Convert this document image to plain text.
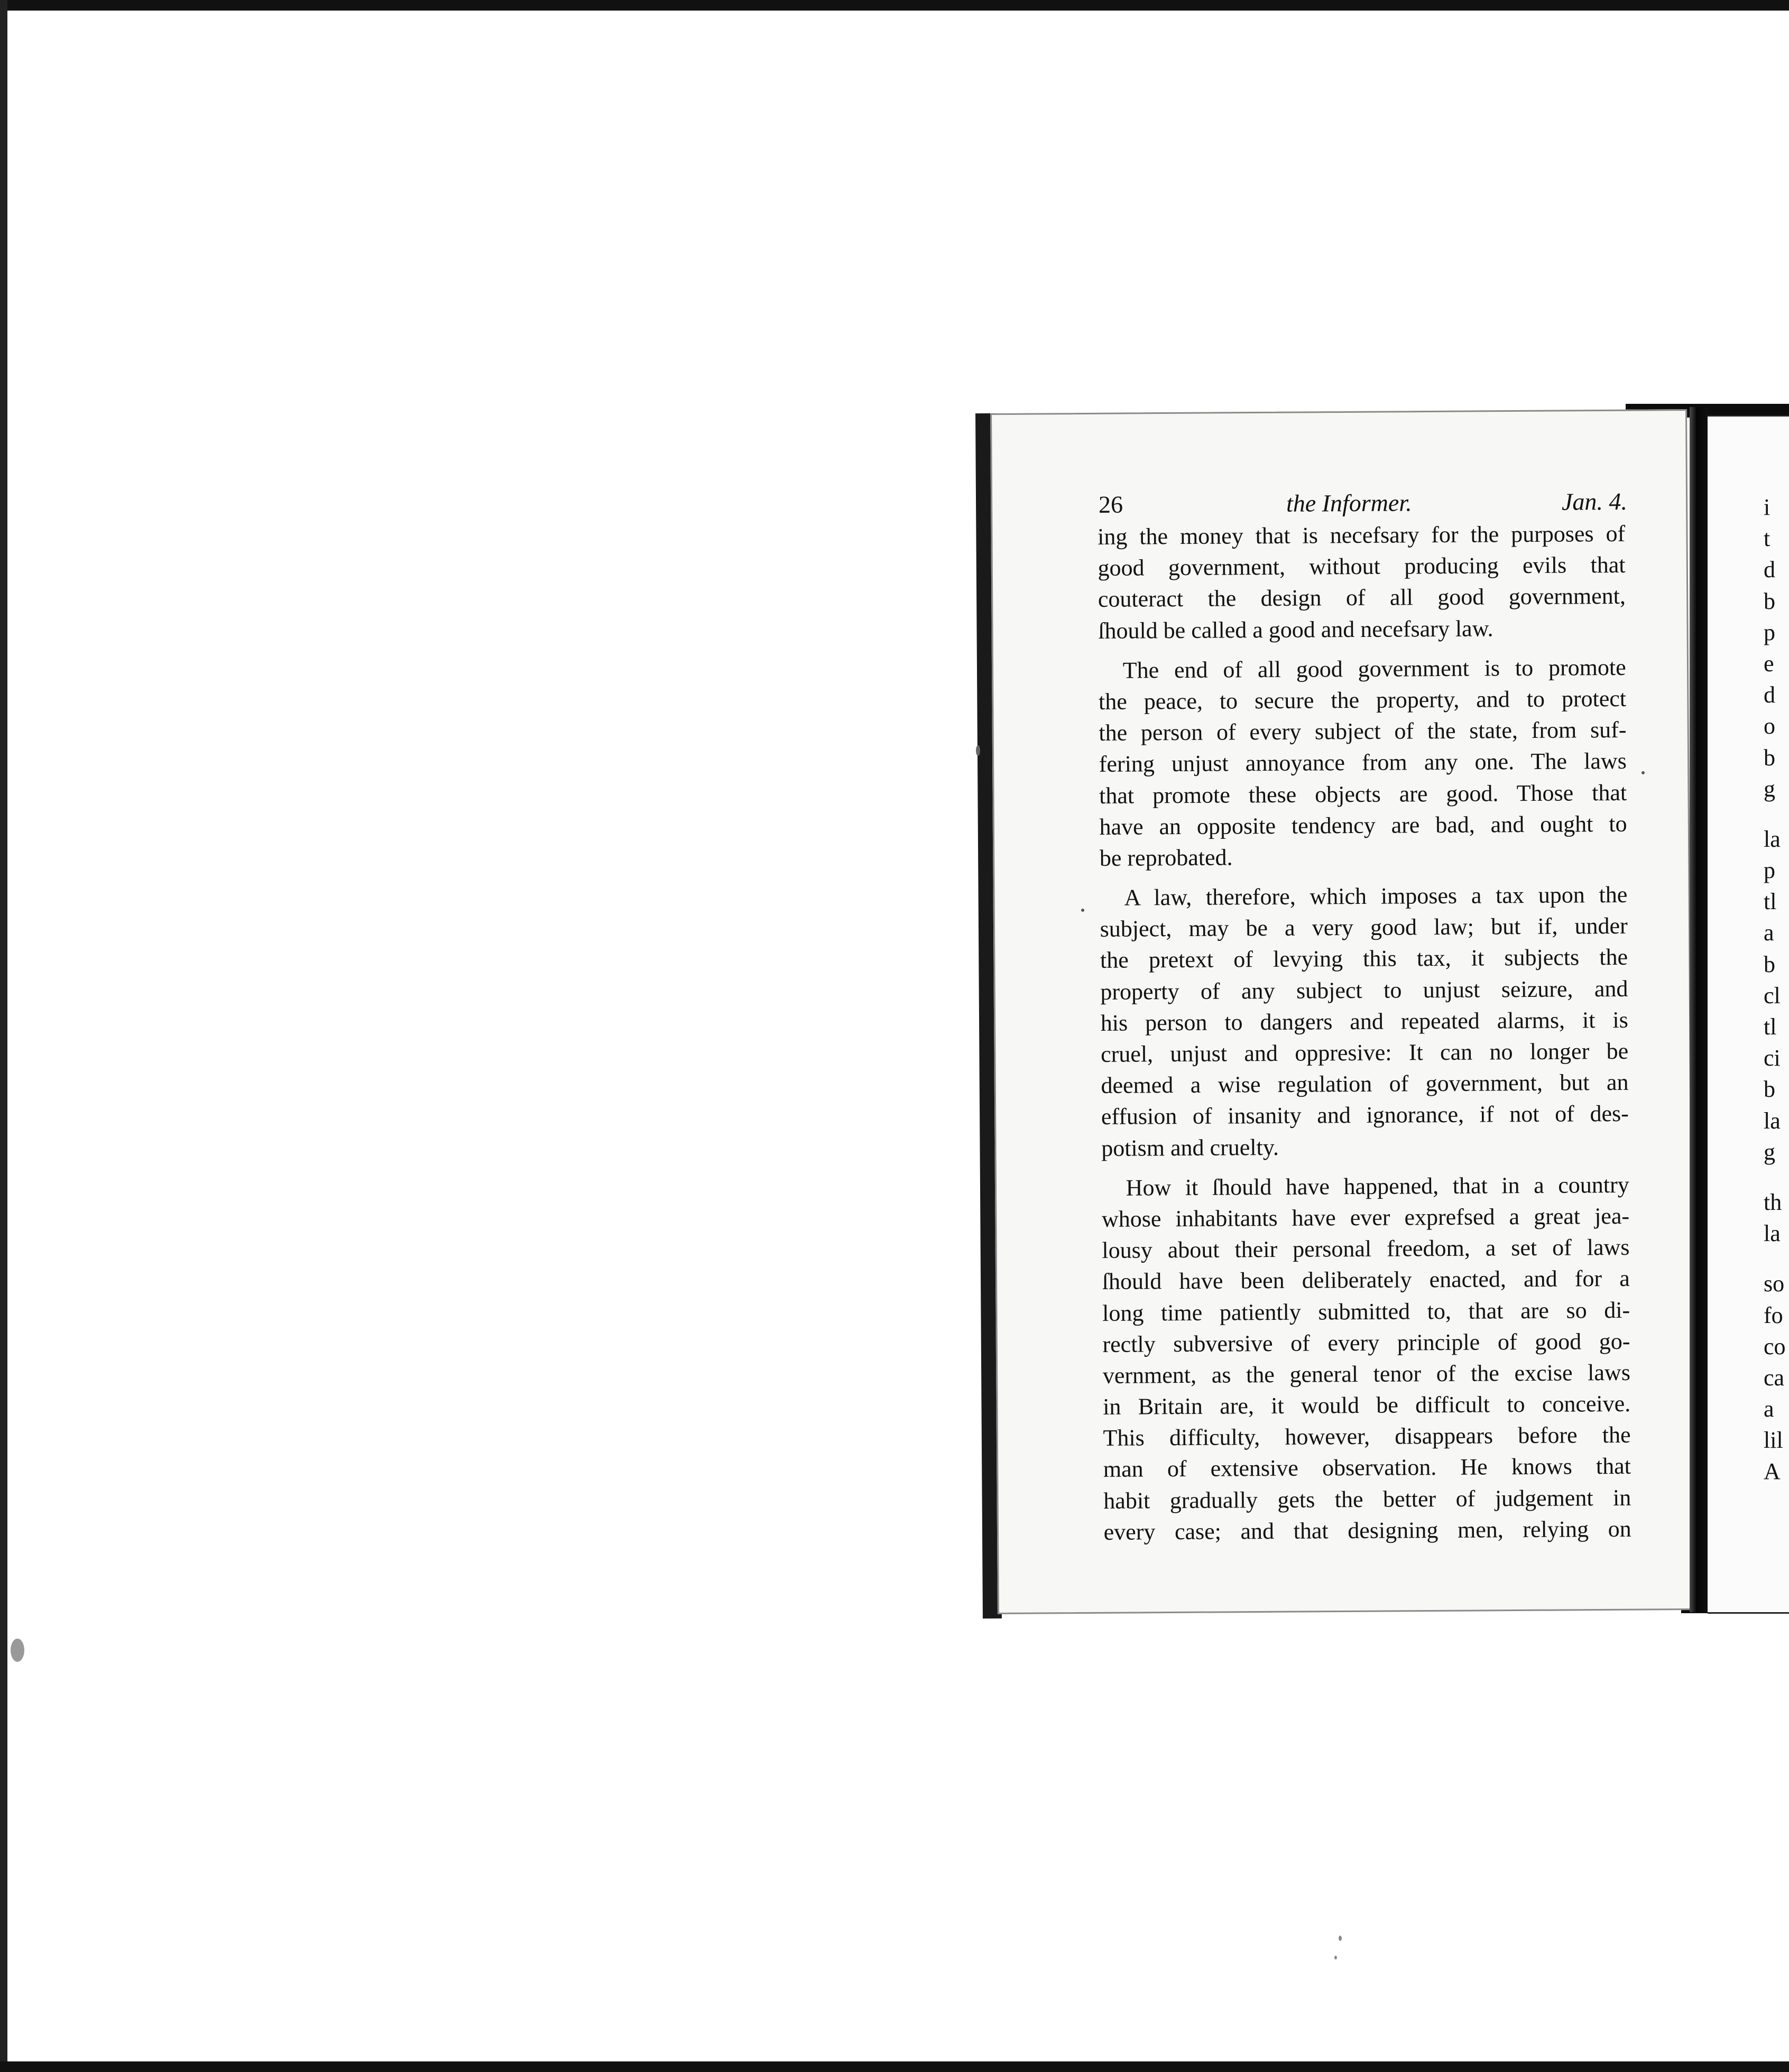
26	the Informer.	Jan. 4.
ing the money that is necefsary for the purposes of
good government, without producing evils that
couteract the design of all good government,
ſhould be called a good and necefsary law.
The end of all good government is to promote
the peace, to secure the property, and to protect
the person of every subject of the state, from suf-
fering unjust annoyance from any one. The laws
that promote these objects are good. Those that
have an opposite tendency are bad, and ought to
be reprobated.
A law, therefore, which imposes a tax upon the
subject, may be a very good law; but if, under
the pretext of levying this tax, it subjects the
property of any subject to unjust seizure, and
his person to dangers and repeated alarms, it is
cruel, unjust and oppresive: It can no longer be
deemed a wise regulation of government, but an
effusion of insanity and ignorance, if not of des-
potism and cruelty.
How it ſhould have happened, that in a country
whose inhabitants have ever exprefsed a great jea-
lousy about their personal freedom, a set of laws
ſhould have been deliberately enacted, and for a
long time patiently submitted to, that are so di-
rectly subversive of every principle of good go-
vernment, as the general tenor of the excise laws
in Britain are, it would be difficult to conceive.
This difficulty, however, disappears before the
man of extensive observation. He knows that
habit gradually gets the better of judgement in
every case; and that designing men, relying on
i
t
d
b
p
e
d
o
b
g
la
p
tl
a
b
cl
tl
ci
b
la
g
th
la
so
fo
co
ca
a
lil
A
